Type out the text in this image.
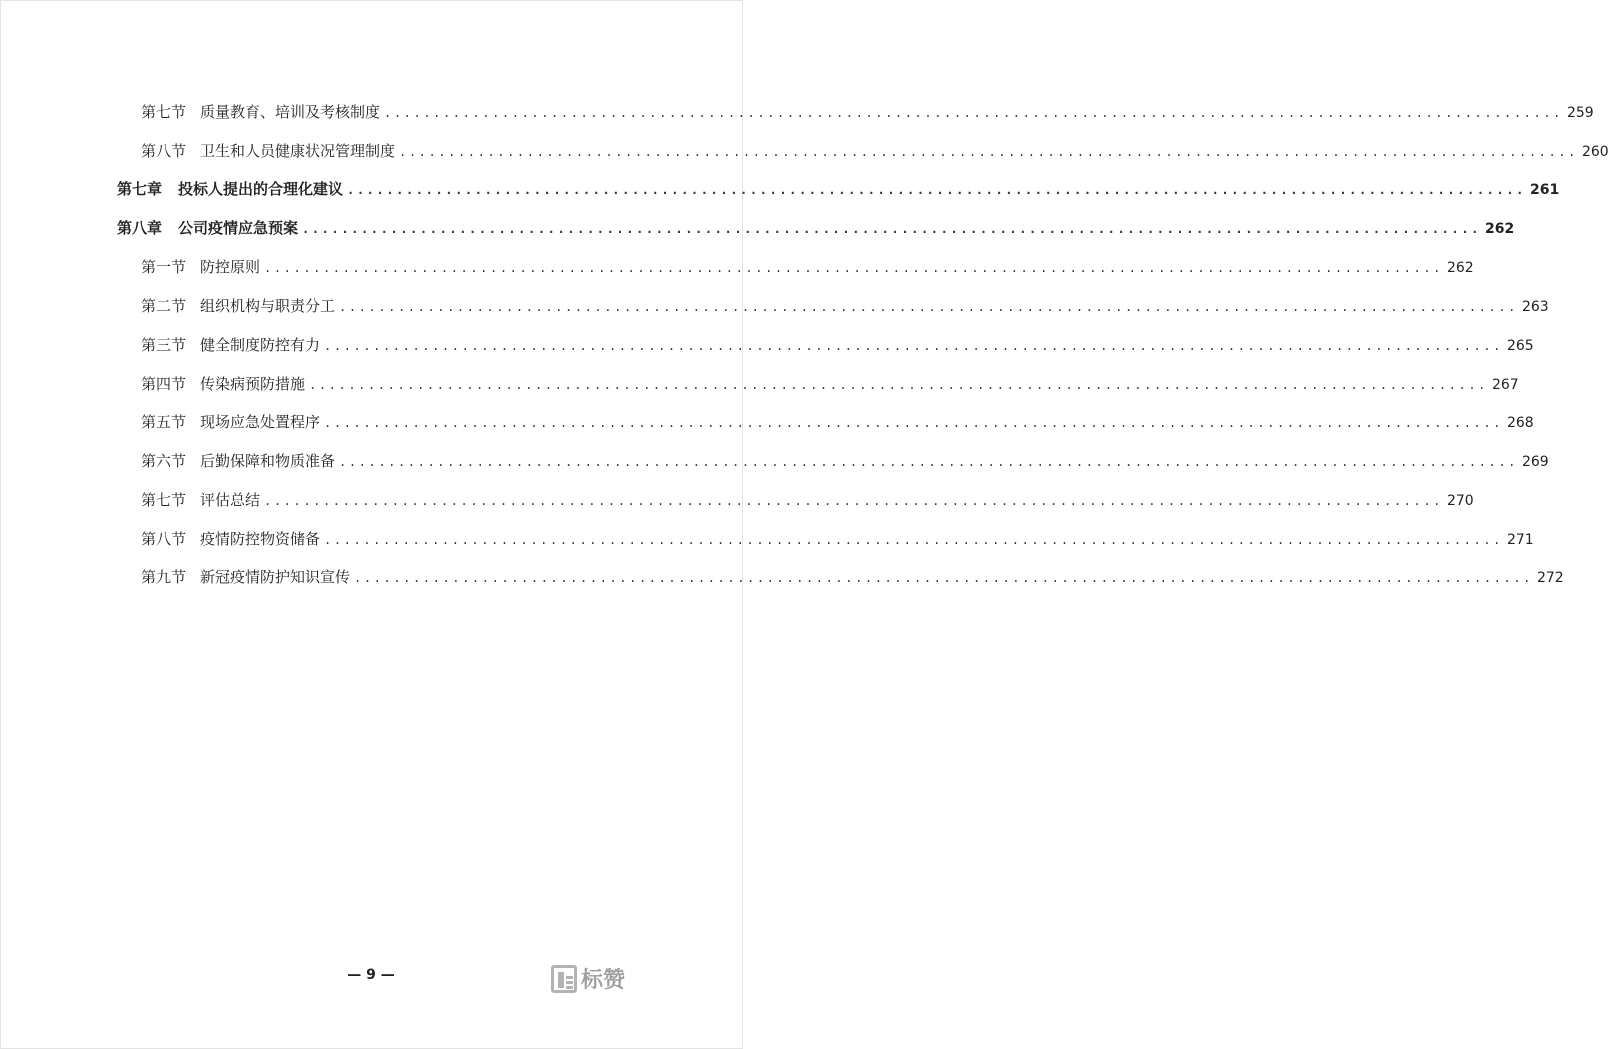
第七节 质量教育、培训及考核制度 ........................................................................................................................ 259
第八节 卫生和人员健康状况管理制度 ........................................................................................................................ 260
第七章 投标人提出的合理化建议 ........................................................................................................................ 261
第八章 公司疫情应急预案 ........................................................................................................................ 262
第一节 防控原则 ........................................................................................................................ 262
第二节 组织机构与职责分工 ........................................................................................................................ 263
第三节 健全制度防控有力 ........................................................................................................................ 265
第四节 传染病预防措施 ........................................................................................................................ 267
第五节 现场应急处置程序 ........................................................................................................................ 268
第六节 后勤保障和物质准备 ........................................................................................................................ 269
第七节 评估总结 ........................................................................................................................ 270
第八节 疫情防控物资储备 ........................................................................................................................ 271
第九节 新冠疫情防护知识宣传 ........................................................................................................................ 272
— 9 —	标赞
